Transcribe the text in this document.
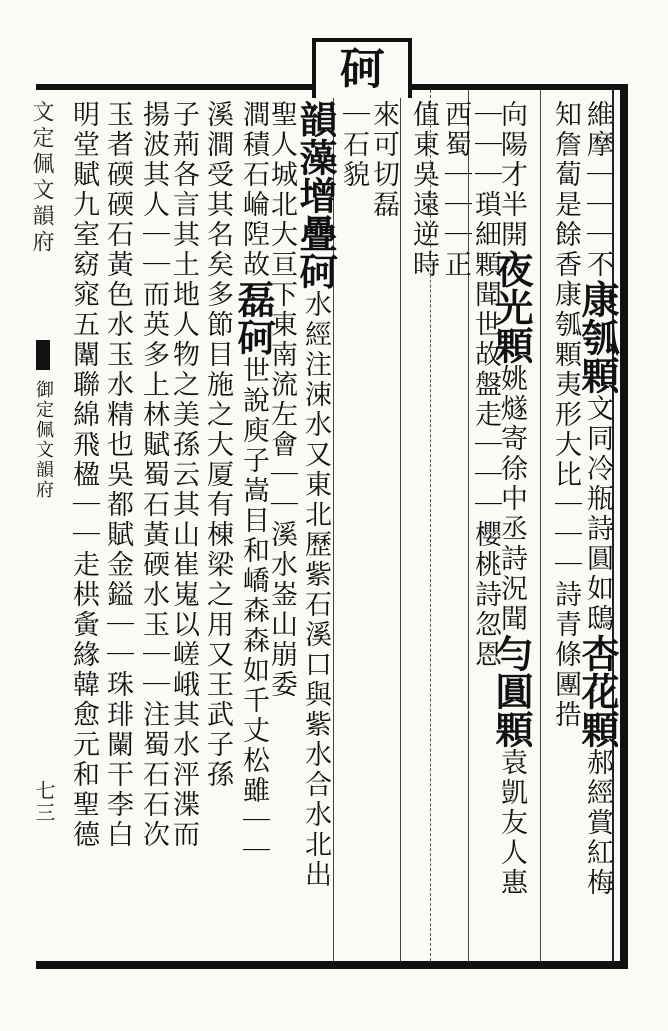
砢
文定佩文韻府
御定佩文韻府
七三
維摩｜｜｜不康瓠顆文同冷瓶詩圓如鴟杏花顆郝經賞紅梅
知詹蔔是餘香康瓠顆夷形大比｜｜｜詩青條團捁
向陽才半開夜光顆姚燧寄徐中丞詩況聞勻圓顆袁凱友人惠
｜｜｜瑣細顆聞世故盤走｜｜｜櫻桃詩忽恩
西蜀｜｜｜正
值東吳遠逆時
來可切磊
｜石貌
韻藻增疊砢水經注涑水又東北歷紫石溪口與紫水合水北出
聖人城北大亘下東南流左會｜｜溪水崟山崩委
澗積石崘隉故磊砢世說庾子嵩目和嶠森森如千丈松雖｜｜
溪澗受其名矣多節目施之大厦有棟梁之用又王武子孫
子荊各言其土地人物之美孫云其山崔嵬以嵯峨其水泙渫而
揚波其人｜｜而英多上林賦蜀石黃碝水玉｜｜注蜀石石次
玉者碝碝石黃色水玉水精也吳都賦金鎰｜｜珠琲闌干李白
明堂賦九室窈窕五闈聯綿飛楹｜｜走栱夤緣韓愈元和聖德
